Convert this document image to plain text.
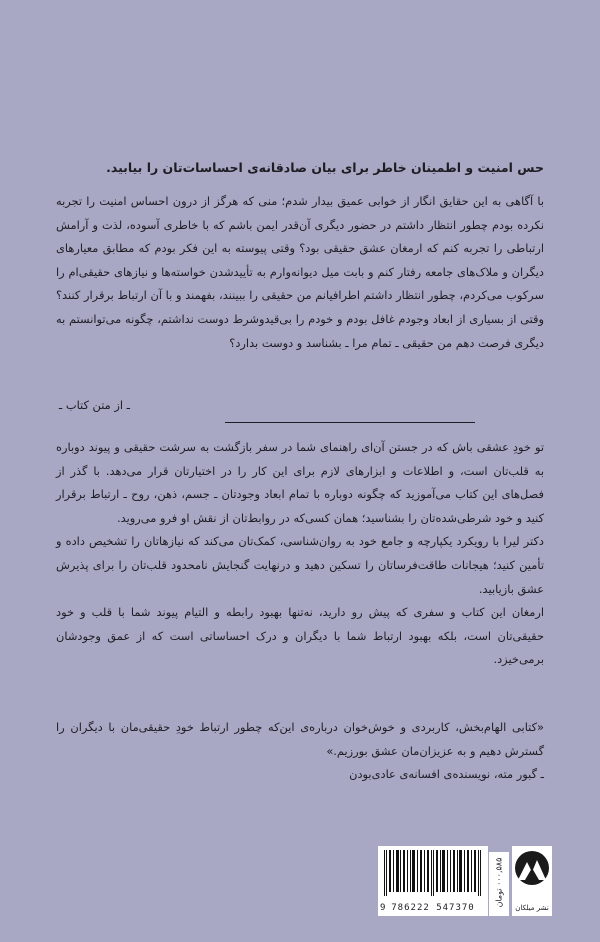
حس امنیت و اطمینان خاطر برای بیان صادقانه‌ی احساسات‌تان را بیابید.

با آگاهی به این حقایق انگار از خوابی عمیق بیدار شدم؛ منی که هرگز از درون احساس امنیت را تجربه نکرده بودم چطور انتظار داشتم در حضور دیگری آن‌قدر ایمن باشم که با خاطری آسوده، لذت و آرامش ارتباطی را تجربه کنم که ارمغان عشق حقیقی بود؟ وقتی پیوسته به این فکر بودم که مطابق معیارهای دیگران و ملاک‌های جامعه رفتار کنم و بابت میل دیوانه‌وارم به تأییدشدن خواسته‌ها و نیازهای حقیقی‌ام را سرکوب می‌کردم، چطور انتظار داشتم اطرافیانم من حقیقی را ببینند، بفهمند و با آن ارتباط برقرار کنند؟ وقتی از بسیاری از ابعاد وجودم غافل بودم و خودم را بی‌قیدوشرط دوست نداشتم، چگونه می‌توانستم به دیگری فرصت دهم من حقیقی ـ تمام مرا ـ بشناسد و دوست بدارد؟

ـ از متن کتاب ـ

تو خودِ عشقی باش که در جستن آن‌ای راهنمای شما در سفر بازگشت به سرشت حقیقی و پیوند دوباره به قلب‌تان است، و اطلاعات و ابزارهای لازم برای این کار را در اختیارتان قرار می‌دهد. با گذر از فصل‌های این کتاب می‌آموزید که چگونه دوباره با تمام ابعاد وجودتان ـ جسم، ذهن، روح ـ ارتباط برقرار کنید و خود شرطی‌شده‌تان را بشناسید؛ همان کسی‌که در روابط‌تان از نقش او فرو می‌روید.

دکتر لیرا با رویکرد یکپارچه و جامع خود به روان‌شناسی، کمک‌تان می‌کند که نیازهاتان را تشخیص داده و تأمین کنید؛ هیجانات طاقت‌فرسا‌تان را تسکین دهید و درنهایت گنجایش نامحدود قلب‌تان را برای پذیرش عشق بازیابید.

ارمغان این کتاب و سفری که پیش رو دارید، نه‌تنها بهبود رابطه و التیام پیوند شما با قلب و خود حقیقی‌تان است، بلکه بهبود ارتباط شما با دیگران و درک احساساتی است که از عمق وجودشان برمی‌خیزد.

«کتابی الهام‌بخش، کاربردی و خوش‌خوان درباره‌ی این‌که چطور ارتباط خودِ حقیقی‌مان با دیگران را گسترش دهیم و به عزیزان‌مان عشق بورزیم.»

ـ گبور مته، نویسنده‌ی افسانه‌ی عادی‌بودن
9 786222 547370
۰۰۰,۵۸۵ تومان
نشر میلکان
